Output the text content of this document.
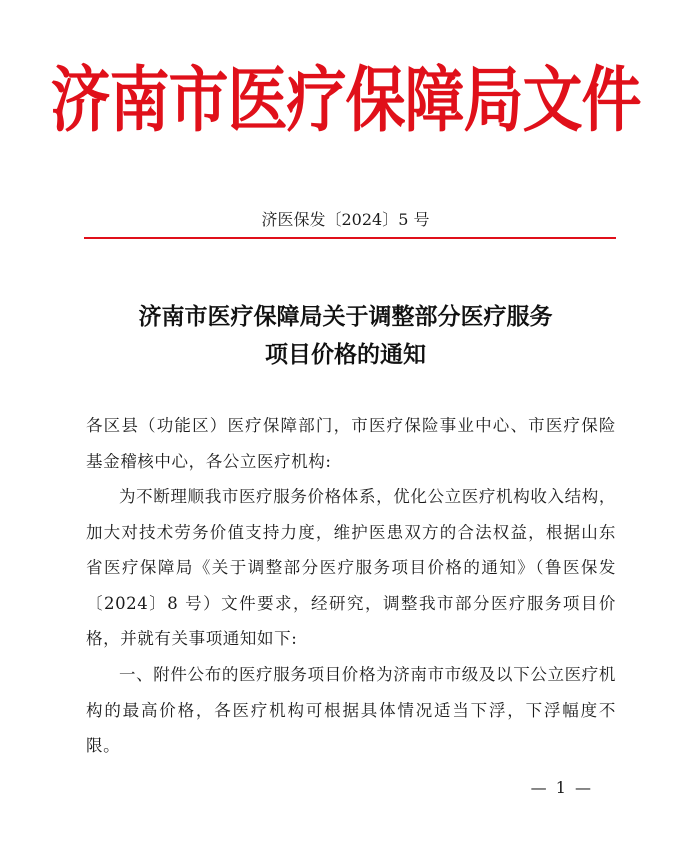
济南市医疗保障局文件
济医保发〔2024〕5 号
济南市医疗保障局关于调整部分医疗服务
项目价格的通知
各区县（功能区）医疗保障部门，市医疗保险事业中心、市医疗保险基金稽核中心，各公立医疗机构:
为不断理顺我市医疗服务价格体系，优化公立医疗机构收入结构，加大对技术劳务价值支持力度，维护医患双方的合法权益，根据山东省医疗保障局《关于调整部分医疗服务项目价格的通知》（鲁医保发〔2024〕8 号）文件要求，经研究，调整我市部分医疗服务项目价格，并就有关事项通知如下:
一、附件公布的医疗服务项目价格为济南市市级及以下公立医疗机构的最高价格，各医疗机构可根据具体情况适当下浮，下浮幅度不限。
— 1 —
